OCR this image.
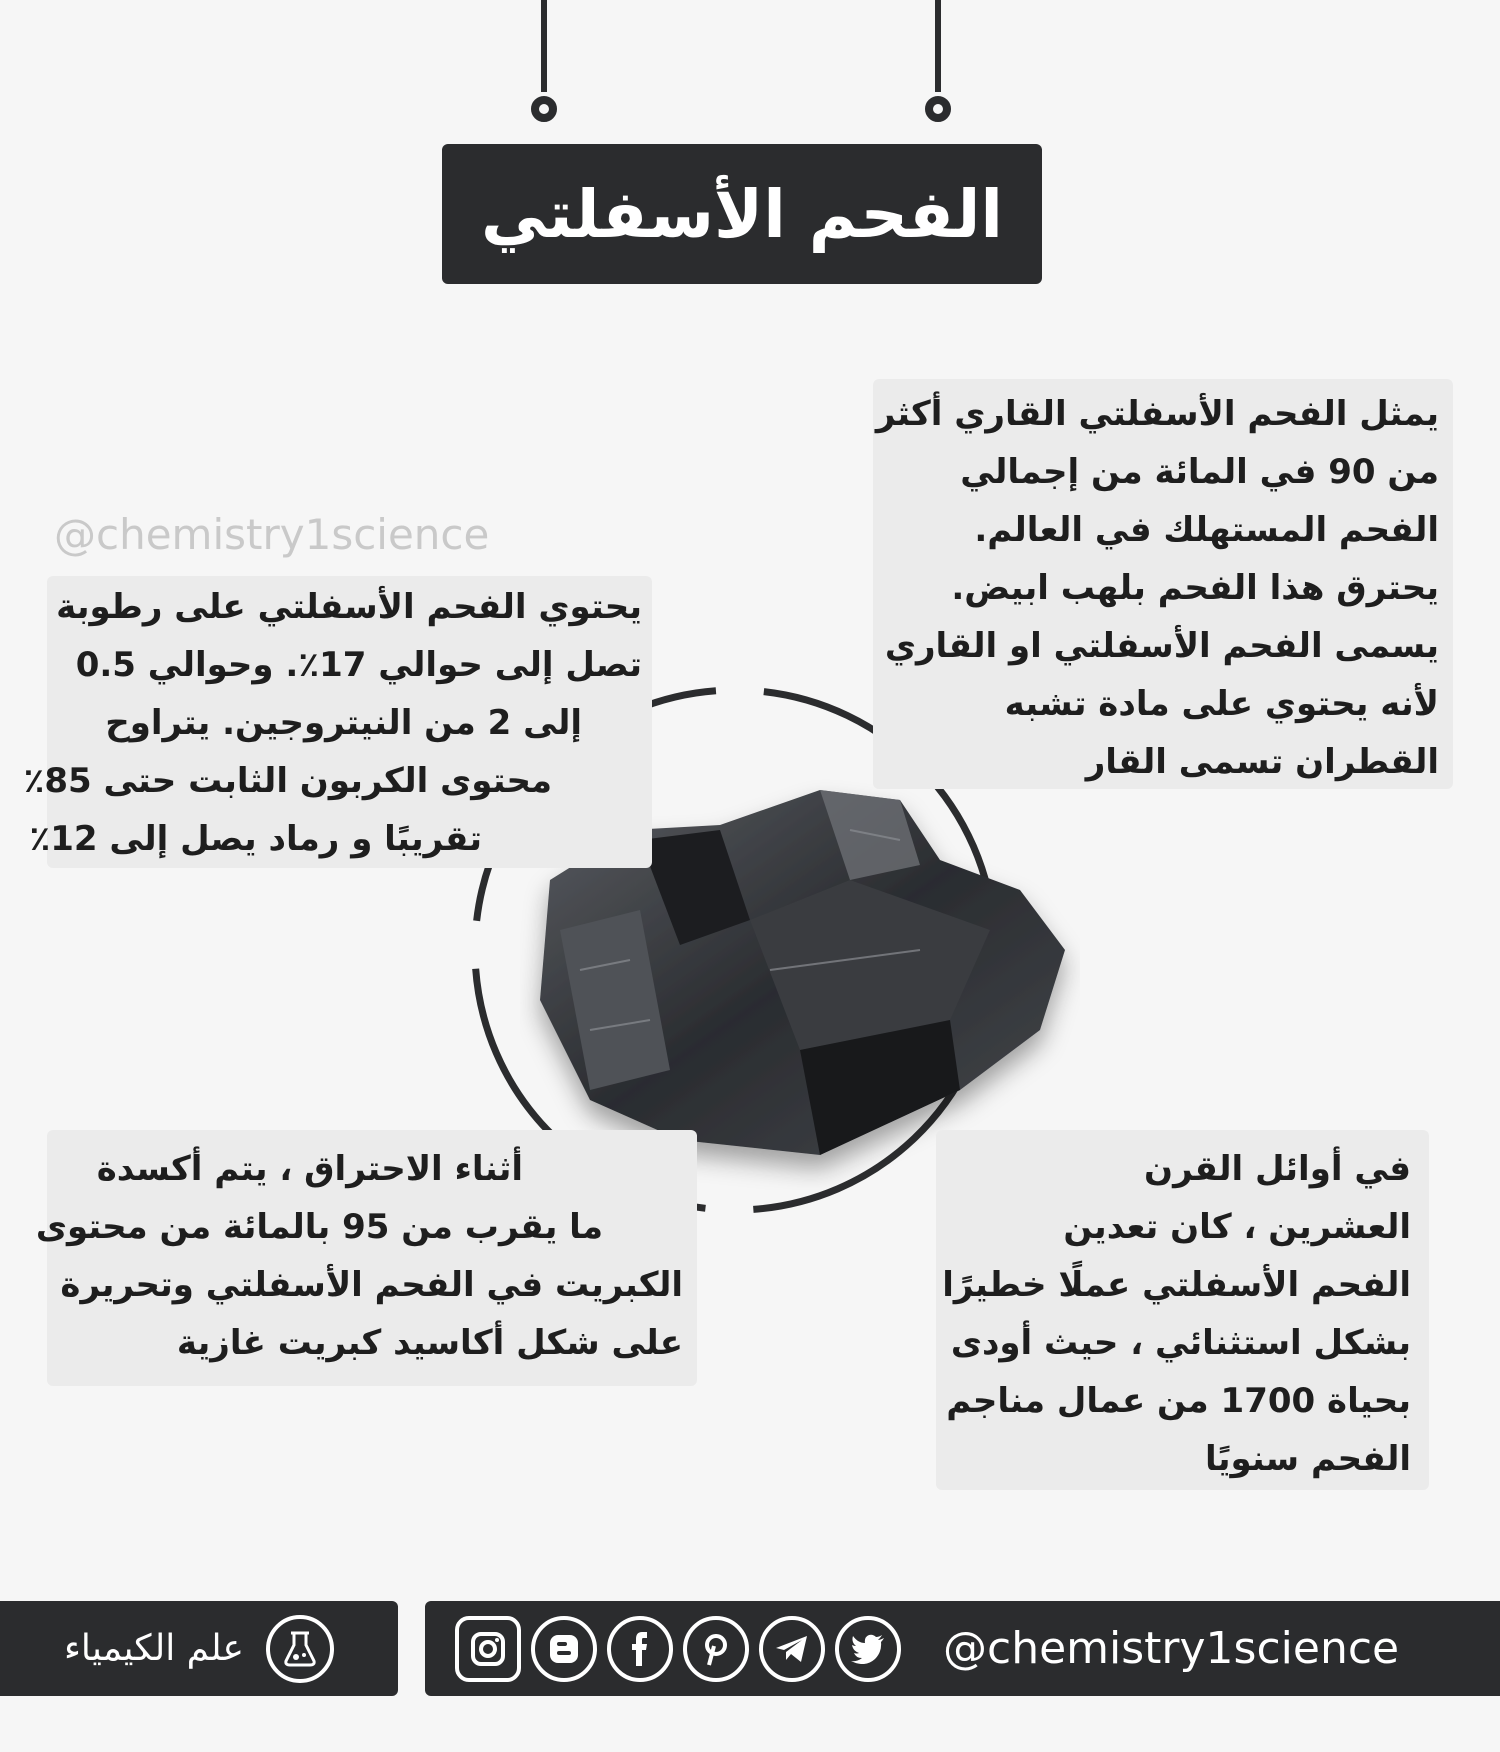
الفحم الأسفلتي
@chemistry1science
يمثل الفحم الأسفلتي القاري أكثر
من 90 في المائة من إجمالي
الفحم المستهلك في العالم.
يحترق هذا الفحم بلهب ابيض.
يسمى الفحم الأسفلتي او القاري
لأنه يحتوي على مادة تشبه
القطران تسمى القار
يحتوي الفحم الأسفلتي على رطوبة
تصل إلى حوالي 17٪. وحوالي 0.5
إلى 2 من النيتروجين. يتراوح
محتوى الكربون الثابت حتى 85٪
تقريبًا و رماد يصل إلى 12٪
أثناء الاحتراق ، يتم أكسدة
ما يقرب من 95 بالمائة من محتوى
الكبريت في الفحم الأسفلتي وتحريرة
على شكل أكاسيد كبريت غازية
في أوائل القرن
العشرين ، كان تعدين
الفحم الأسفلتي عملًا خطيرًا
بشكل استثنائي ، حيث أودى
بحياة 1700 من عمال مناجم
الفحم سنويًا
علم الكيمياء	@chemistry1science
